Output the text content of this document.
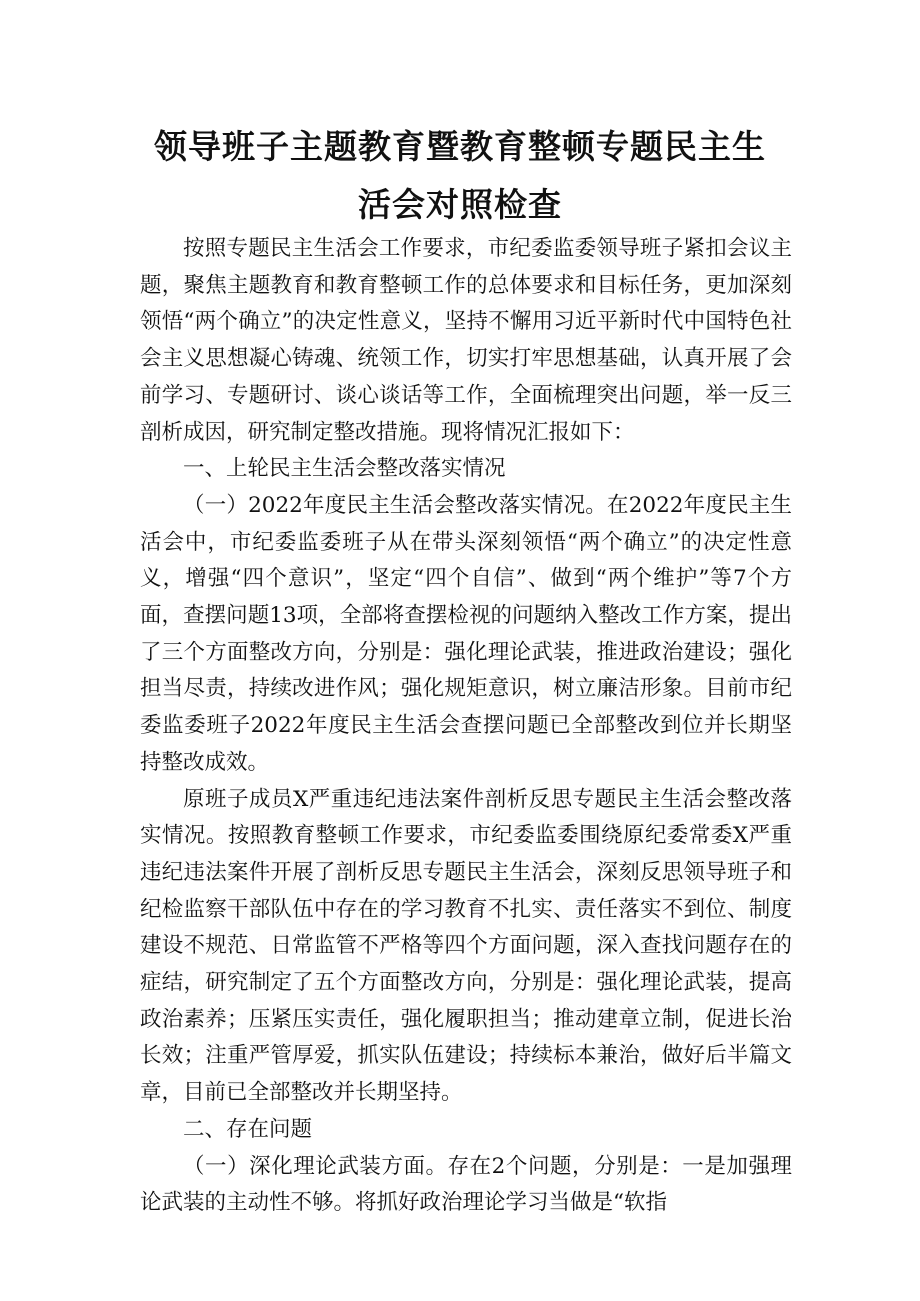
领导班子主题教育暨教育整顿专题民主生
活会对照检查

按照专题民主生活会工作要求，市纪委监委领导班子紧扣会议主题，聚焦主题教育和教育整顿工作的总体要求和目标任务，更加深刻领悟“两个确立”的决定性意义，坚持不懈用习近平新时代中国特色社会主义思想凝心铸魂、统领工作，切实打牢思想基础，认真开展了会前学习、专题研讨、谈心谈话等工作，全面梳理突出问题，举一反三剖析成因，研究制定整改措施。现将情况汇报如下：

一、上轮民主生活会整改落实情况

（一）2022年度民主生活会整改落实情况。在2022年度民主生活会中，市纪委监委班子从在带头深刻领悟“两个确立”的决定性意义，增强“四个意识”，坚定“四个自信”、做到“两个维护”等7个方面，查摆问题13项，全部将查摆检视的问题纳入整改工作方案，提出了三个方面整改方向，分别是：强化理论武装，推进政治建设；强化担当尽责，持续改进作风；强化规矩意识，树立廉洁形象。目前市纪委监委班子2022年度民主生活会查摆问题已全部整改到位并长期坚持整改成效。

原班子成员X严重违纪违法案件剖析反思专题民主生活会整改落实情况。按照教育整顿工作要求，市纪委监委围绕原纪委常委X严重违纪违法案件开展了剖析反思专题民主生活会，深刻反思领导班子和纪检监察干部队伍中存在的学习教育不扎实、责任落实不到位、制度建设不规范、日常监管不严格等四个方面问题，深入查找问题存在的症结，研究制定了五个方面整改方向，分别是：强化理论武装，提高政治素养；压紧压实责任，强化履职担当；推动建章立制，促进长治长效；注重严管厚爱，抓实队伍建设；持续标本兼治，做好后半篇文章，目前已全部整改并长期坚持。

二、存在问题

（一）深化理论武装方面。存在2个问题，分别是：一是加强理论武装的主动性不够。将抓好政治理论学习当做是“软指
